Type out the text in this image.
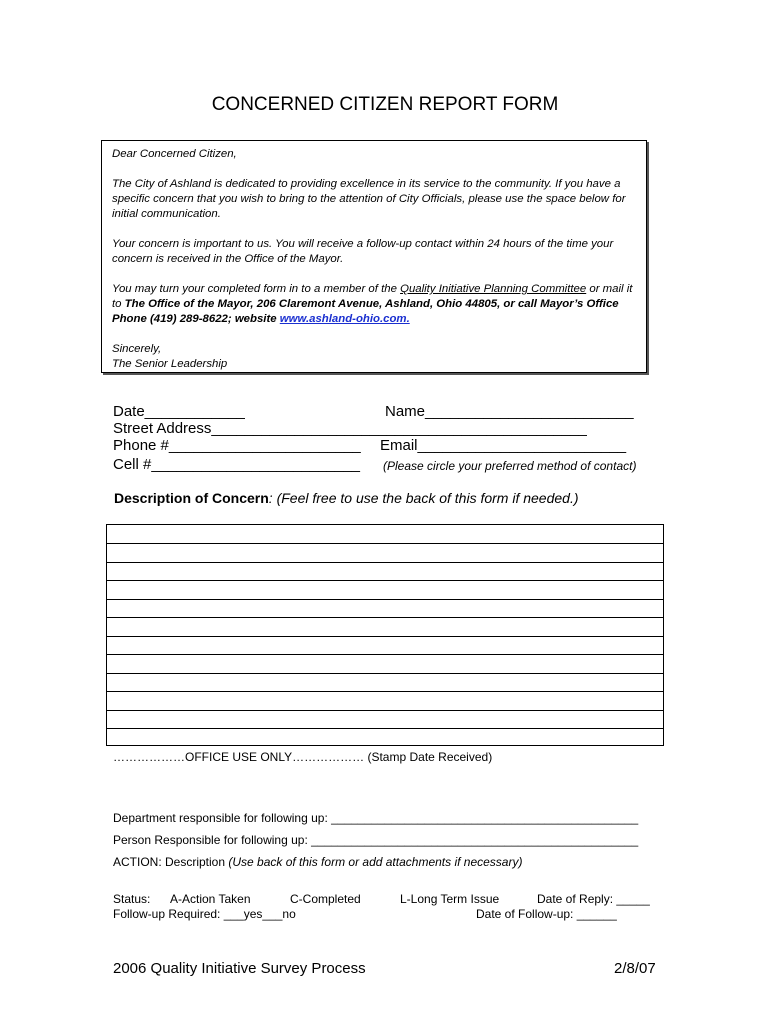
CONCERNED CITIZEN REPORT FORM

Dear Concerned Citizen,

The City of Ashland is dedicated to providing excellence in its service to the community. If you have a specific concern that you wish to bring to the attention of City Officials, please use the space below for initial communication.

Your concern is important to us. You will receive a follow-up contact within 24 hours of the time your concern is received in the Office of the Mayor.

You may turn your completed form in to a member of the Quality Initiative Planning Committee or mail it to The Office of the Mayor, 206 Claremont Avenue, Ashland, Ohio 44805, or call Mayor’s Office Phone (419) 289-8622; website www.ashland-ohio.com.

Sincerely,

The Senior Leadership

Date____________	Name_________________________
Street Address_____________________________________________
Phone #_______________________ Email_________________________
Cell #_________________________ (Please circle your preferred method of contact)
Description of Concern: (Feel free to use the back of this form if needed.)
………………OFFICE USE ONLY……………… (Stamp Date Received)
Department responsible for following up: ______________________________________________
Person Responsible for following up: _________________________________________________
ACTION: Description (Use back of this form or add attachments if necessary)
Status: A-Action Taken	C-Completed	L-Long Term Issue	Date of Reply: _____
Follow-up Required: ___yes___no	Date of Follow-up: ______
2006 Quality Initiative Survey Process	2/8/07
